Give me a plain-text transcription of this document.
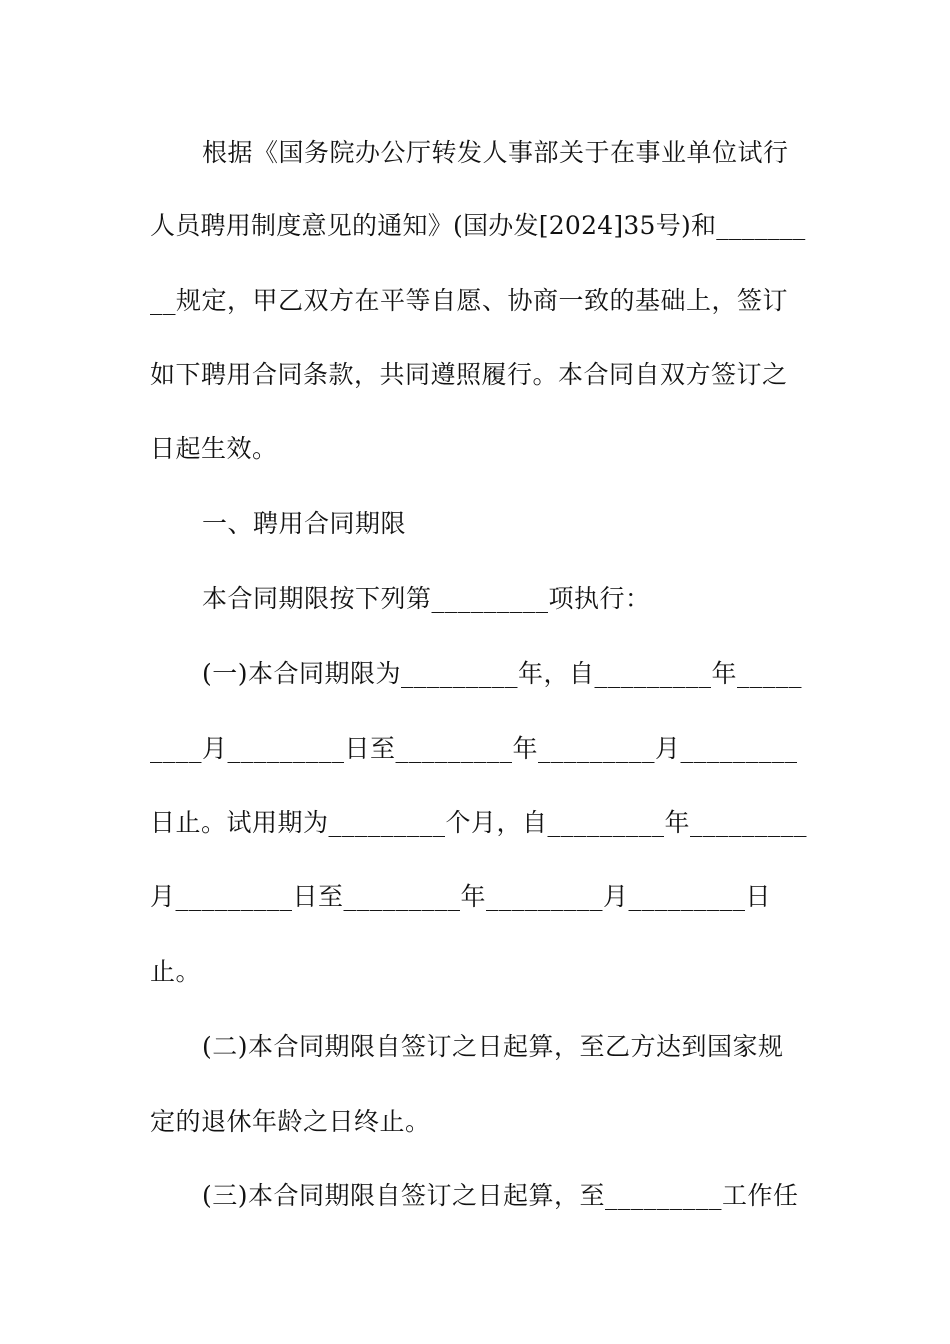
根据《国务院办公厅转发人事部关于在事业单位试行
人员聘用制度意见的通知》(国办发[2024]35号)和_______
__规定，甲乙双方在平等自愿、协商一致的基础上，签订
如下聘用合同条款，共同遵照履行。本合同自双方签订之
日起生效。
一、聘用合同期限
本合同期限按下列第_________项执行：
(一)本合同期限为_________年，自_________年_____
____月_________日至_________年_________月_________
日止。试用期为_________个月，自_________年_________
月_________日至_________年_________月_________日
止。
(二)本合同期限自签订之日起算，至乙方达到国家规
定的退休年龄之日终止。
(三)本合同期限自签订之日起算，至_________工作任
